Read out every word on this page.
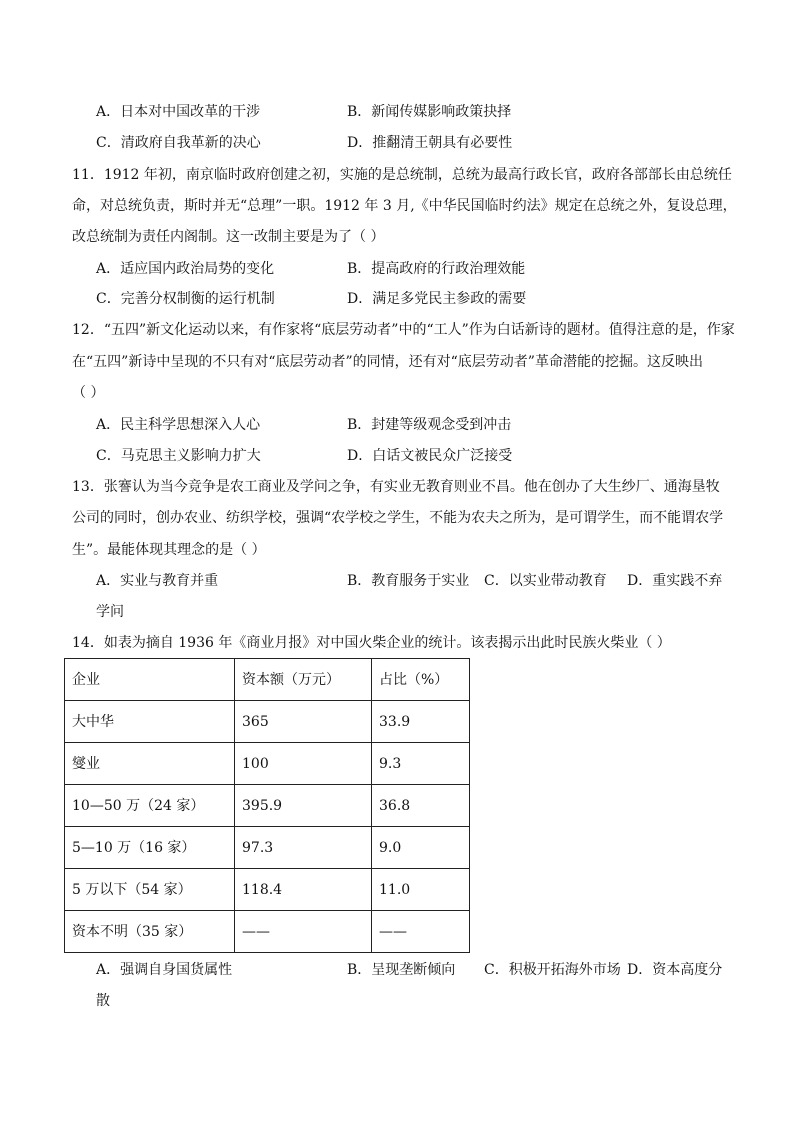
A．日本对中国改革的干涉	B．新闻传媒影响政策抉择
C．清政府自我革新的决心	D．推翻清王朝具有必要性
11．1912 年初，南京临时政府创建之初，实施的是总统制，总统为最高行政长官，政府各部部长由总统任
命，对总统负责，斯时并无“总理”一职。1912 年 3 月,《中华民国临时约法》规定在总统之外，复设总理，
改总统制为责任内阁制。这一改制主要是为了（ ）
A．适应国内政治局势的变化	B．提高政府的行政治理效能
C．完善分权制衡的运行机制	D．满足多党民主参政的需要
12．“五四”新文化运动以来，有作家将“底层劳动者”中的“工人”作为白话新诗的题材。值得注意的是，作家
在“五四”新诗中呈现的不只有对“底层劳动者”的同情，还有对“底层劳动者”革命潜能的挖掘。这反映出
（ ）
A．民主科学思想深入人心	B．封建等级观念受到冲击
C．马克思主义影响力扩大	D．白话文被民众广泛接受
13．张謇认为当今竞争是农工商业及学问之争，有实业无教育则业不昌。他在创办了大生纱厂、通海垦牧
公司的同时，创办农业、纺织学校，强调“农学校之学生，不能为农夫之所为，是可谓学生，而不能谓农学
生”。最能体现其理念的是（ ）
A．实业与教育并重	B．教育服务于实业 C．以实业带动教育 D．重实践不弃
学问
14．如表为摘自 1936 年《商业月报》对中国火柴企业的统计。该表揭示出此时民族火柴业（ ）
企业	资本额（万元）	占比（%）
大中华	365	33.9
燮业	100	9.3
10—50 万（24 家）	395.9	36.8
5—10 万（16 家）	97.3	9.0
5 万以下（54 家）	118.4	11.0
资本不明（35 家）	——	——
A．强调自身国货属性	B．呈现垄断倾向 C．积极开拓海外市场 D．资本高度分
散
